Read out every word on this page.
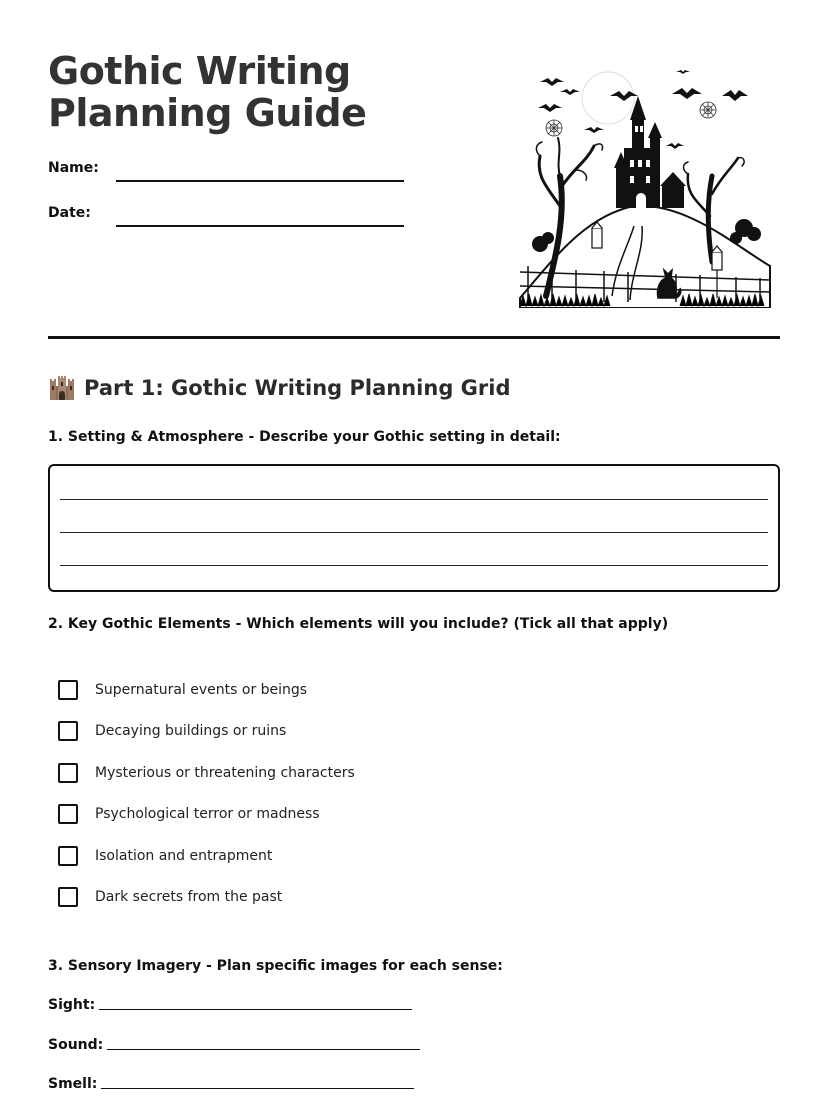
Gothic Writing Planning Guide
Name:
Date:
Part 1: Gothic Writing Planning Grid
1. Setting & Atmosphere - Describe your Gothic setting in detail:
2. Key Gothic Elements - Which elements will you include? (Tick all that apply)
Supernatural events or beings
Decaying buildings or ruins
Mysterious or threatening characters
Psychological terror or madness
Isolation and entrapment
Dark secrets from the past
3. Sensory Imagery - Plan specific images for each sense:
Sight:
Sound:
Smell:
